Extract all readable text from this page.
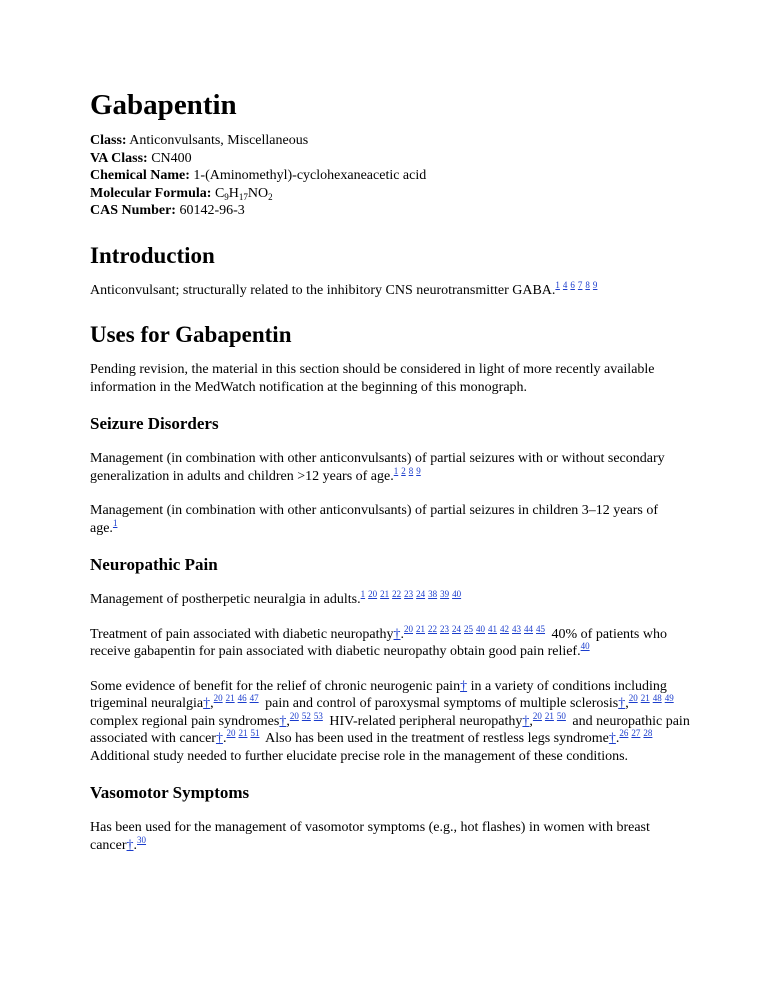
Gabapentin
Class: Anticonvulsants, Miscellaneous
VA Class: CN400
Chemical Name: 1-(Aminomethyl)-cyclohexaneacetic acid
Molecular Formula: $C_9H_{17}NO_2$
CAS Number: 60142-96-3
Introduction

Anticonvulsant; structurally related to the inhibitory CNS neurotransmitter GABA.$^{1 4 6 7 8 9}$

Uses for Gabapentin

Pending revision, the material in this section should be considered in light of more recently available information in the MedWatch notification at the beginning of this monograph.

Seizure Disorders

Management (in combination with other anticonvulsants) of partial seizures with or without secondary generalization in adults and children >12 years of age.$^{1 2 8 9}$

Management (in combination with other anticonvulsants) of partial seizures in children 3–12 years of age.$^1$

Neuropathic Pain

Management of postherpetic neuralgia in adults.$^{1 20 21 22 23 24 38 39 40}$

Treatment of pain associated with diabetic neuropathy†.$^{20 21 22 23 24 25 40 41 42 43 44 45}$ 40% of patients who receive gabapentin for pain associated with diabetic neuropathy obtain good pain relief.$^{40}$

Some evidence of benefit for the relief of chronic neurogenic pain† in a variety of conditions including trigeminal neuralgia†,$^{20 21 46 47}$ pain and control of paroxysmal symptoms of multiple sclerosis†,$^{20 21 48 49}$ complex regional pain syndromes†,$^{20 52 53}$ HIV-related peripheral neuropathy†,$^{20 21 50}$ and neuropathic pain associated with cancer†.$^{20 21 51}$ Also has been used in the treatment of restless legs syndrome†.$^{26 27 28}$ Additional study needed to further elucidate precise role in the management of these conditions.

Vasomotor Symptoms

Has been used for the management of vasomotor symptoms (e.g., hot flashes) in women with breast cancer†.$^{30}$
